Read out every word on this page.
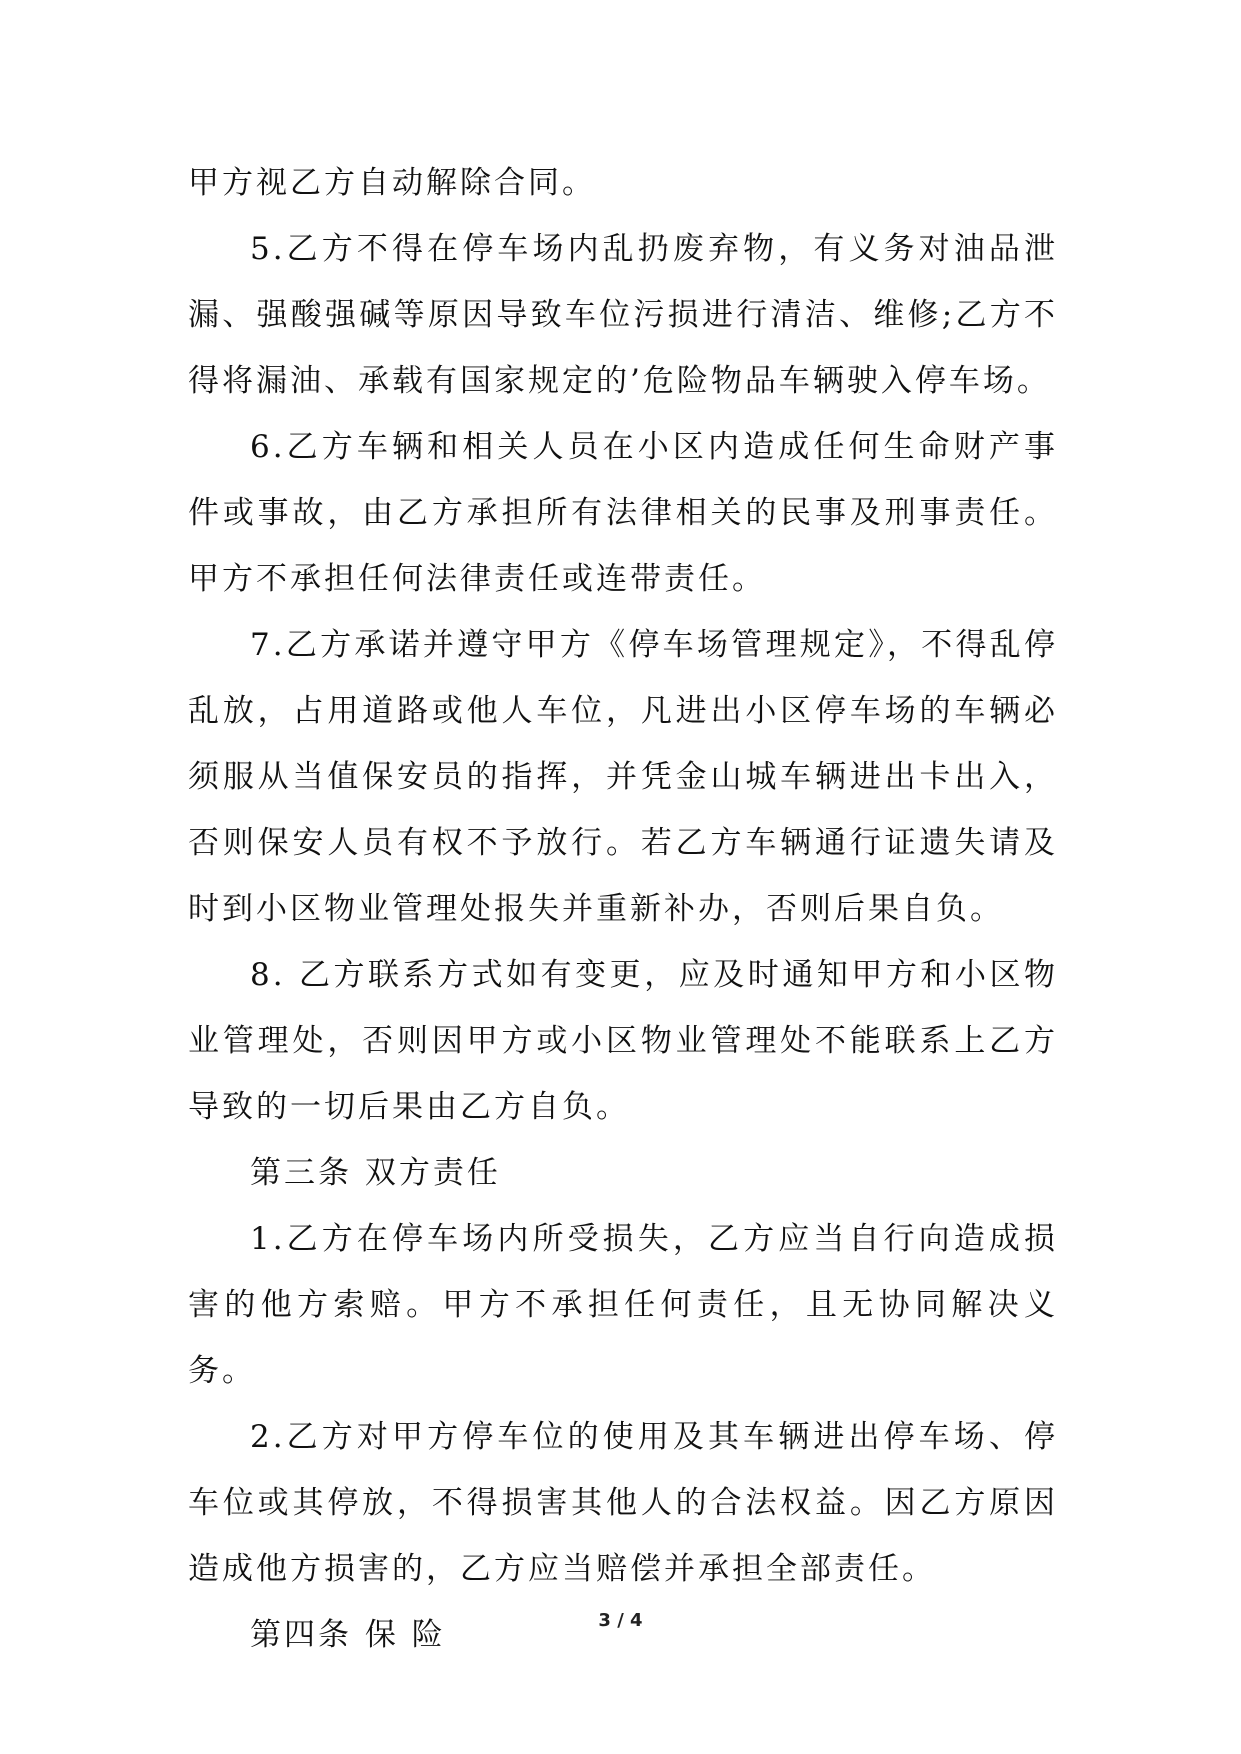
甲方视乙方自动解除合同。

5.乙方不得在停车场内乱扔废弃物，有义务对油品泄漏、强酸强碱等原因导致车位污损进行清洁、维修;乙方不得将漏油、承载有国家规定的’危险物品车辆驶入停车场。

6.乙方车辆和相关人员在小区内造成任何生命财产事件或事故，由乙方承担所有法律相关的民事及刑事责任。甲方不承担任何法律责任或连带责任。

7.乙方承诺并遵守甲方《停车场管理规定》，不得乱停乱放，占用道路或他人车位，凡进出小区停车场的车辆必须服从当值保安员的指挥，并凭金山城车辆进出卡出入，否则保安人员有权不予放行。若乙方车辆通行证遗失请及时到小区物业管理处报失并重新补办，否则后果自负。

8. 乙方联系方式如有变更，应及时通知甲方和小区物业管理处，否则因甲方或小区物业管理处不能联系上乙方导致的一切后果由乙方自负。

第三条 双方责任

1.乙方在停车场内所受损失，乙方应当自行向造成损害的他方索赔。甲方不承担任何责任，且无协同解决义务。

2.乙方对甲方停车位的使用及其车辆进出停车场、停车位或其停放，不得损害其他人的合法权益。因乙方原因造成他方损害的，乙方应当赔偿并承担全部责任。

第四条 保 险	3 / 4
